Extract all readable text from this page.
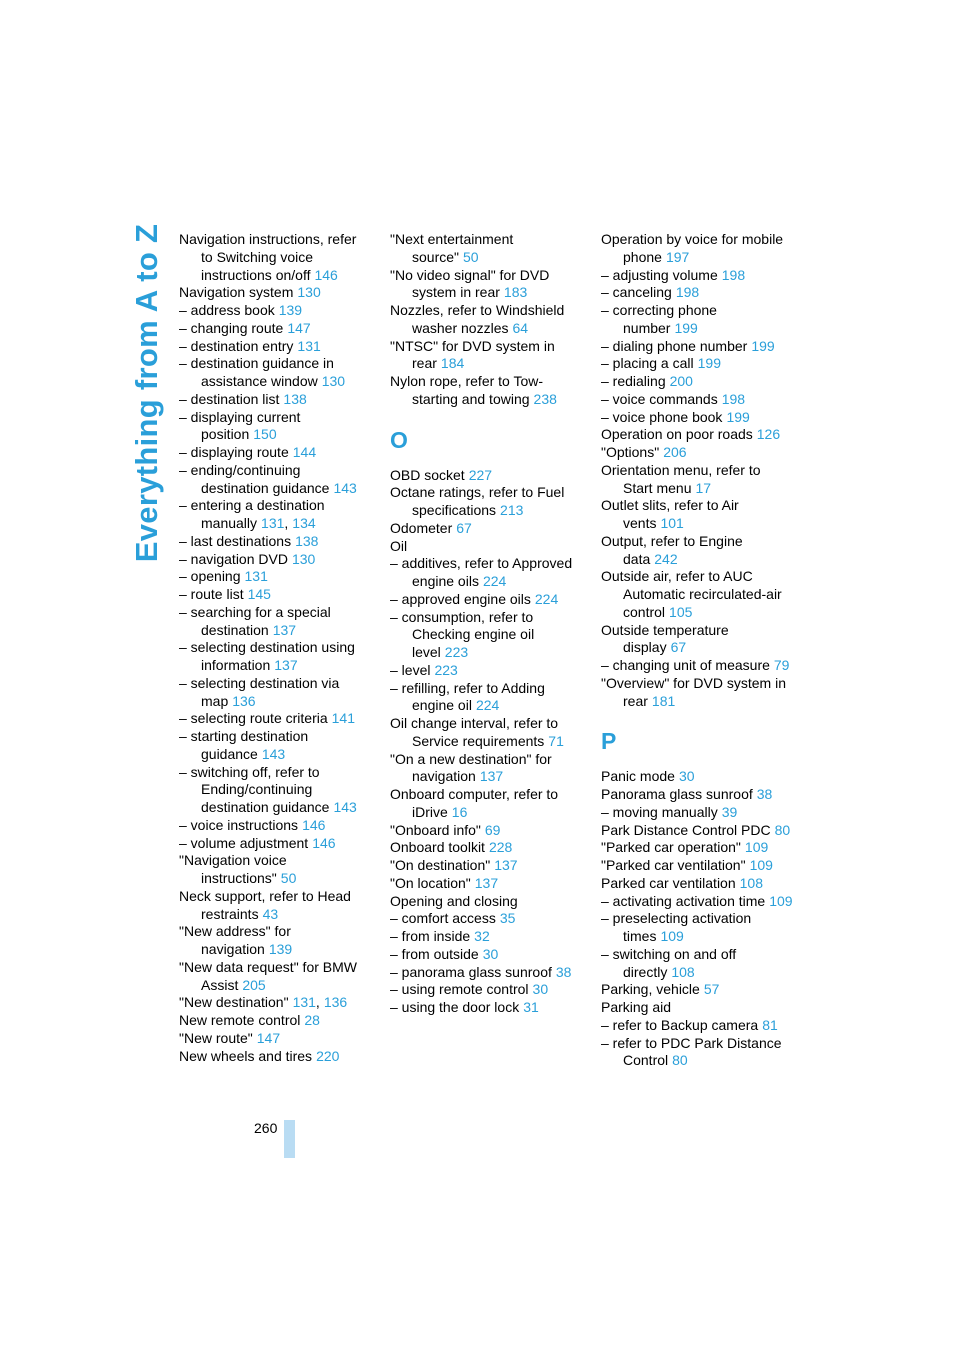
Everything from A to Z Navigation instructions, refer to Switching voice instructions on/off 146

Navigation system 130

– address book 139

– changing route 147

– destination entry 131

– destination guidance in assistance window 130

– destination list 138

– displaying current position 150

– displaying route 144

– ending/continuing destination guidance 143

– entering a destination manually 131, 134

– last destinations 138

– navigation DVD 130

– opening 131

– route list 145

– searching for a special destination 137

– selecting destination using information 137

– selecting destination via map 136

– selecting route criteria 141

– starting destination guidance 143

– switching off, refer to Ending/continuing destination guidance 143

– voice instructions 146

– volume adjustment 146

"Navigation voice instructions" 50

Neck support, refer to Head restraints 43

"New address" for navigation 139

"New data request" for BMW Assist 205

"New destination" 131, 136

New remote control 28

"New route" 147

New wheels and tires 220

"Next entertainment source" 50

"No video signal" for DVD system in rear 183

Nozzles, refer to Windshield washer nozzles 64

"NTSC" for DVD system in rear 184

Nylon rope, refer to Tow-starting and towing 238

O

OBD socket 227

Octane ratings, refer to Fuel specifications 213

Odometer 67

Oil

– additives, refer to Approved engine oils 224

– approved engine oils 224

– consumption, refer to Checking engine oil level 223

– level 223

– refilling, refer to Adding engine oil 224

Oil change interval, refer to Service requirements 71

"On a new destination" for navigation 137

Onboard computer, refer to iDrive 16

"Onboard info" 69

Onboard toolkit 228

"On destination" 137

"On location" 137

Opening and closing

– comfort access 35

– from inside 32

– from outside 30

– panorama glass sunroof 38

– using remote control 30

– using the door lock 31

Operation by voice for mobile phone 197

– adjusting volume 198

– canceling 198

– correcting phone number 199

– dialing phone number 199

– placing a call 199

– redialing 200

– voice commands 198

– voice phone book 199

Operation on poor roads 126

"Options" 206

Orientation menu, refer to Start menu 17

Outlet slits, refer to Air vents 101

Output, refer to Engine data 242

Outside air, refer to AUC Automatic recirculated-air control 105

Outside temperature display 67

– changing unit of measure 79

"Overview" for DVD system in rear 181

P

Panic mode 30

Panorama glass sunroof 38

– moving manually 39

Park Distance Control PDC 80

"Parked car operation" 109

"Parked car ventilation" 109

Parked car ventilation 108

– activating activation time 109

– preselecting activation times 109

– switching on and off directly 108

Parking, vehicle 57

Parking aid

– refer to Backup camera 81

– refer to PDC Park Distance Control 80

260
